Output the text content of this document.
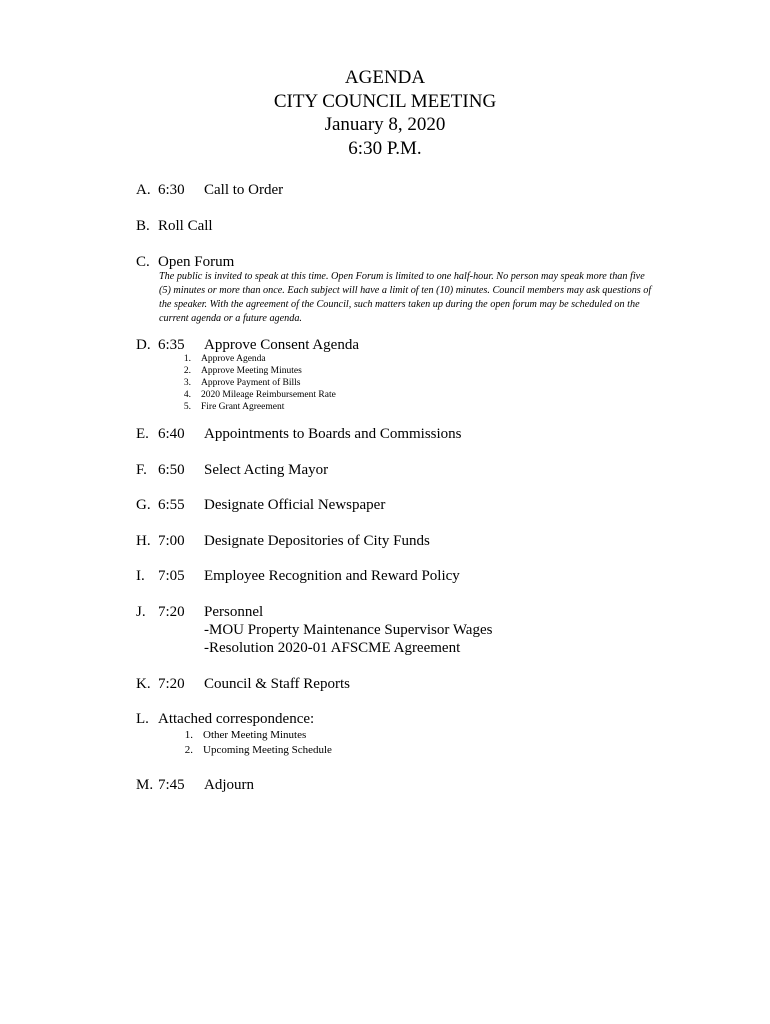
AGENDA
CITY COUNCIL MEETING
January 8, 2020
6:30 P.M.
A. 6:30 Call to Order
B. Roll Call
C. Open Forum
The public is invited to speak at this time. Open Forum is limited to one half-hour. No person may speak more than five (5) minutes or more than once. Each subject will have a limit of ten (10) minutes. Council members may ask questions of the speaker. With the agreement of the Council, such matters taken up during the open forum may be scheduled on the current agenda or a future agenda.
D. 6:35 Approve Consent Agenda
1. Approve Agenda
2. Approve Meeting Minutes
3. Approve Payment of Bills
4. 2020 Mileage Reimbursement Rate
5. Fire Grant Agreement
E. 6:40 Appointments to Boards and Commissions
F. 6:50 Select Acting Mayor
G. 6:55 Designate Official Newspaper
H. 7:00 Designate Depositories of City Funds
I. 7:05 Employee Recognition and Reward Policy
J. 7:20 Personnel
-MOU Property Maintenance Supervisor Wages
-Resolution 2020-01 AFSCME Agreement
K. 7:20 Council & Staff Reports
L. Attached correspondence:
1. Other Meeting Minutes
2. Upcoming Meeting Schedule
M. 7:45 Adjourn
